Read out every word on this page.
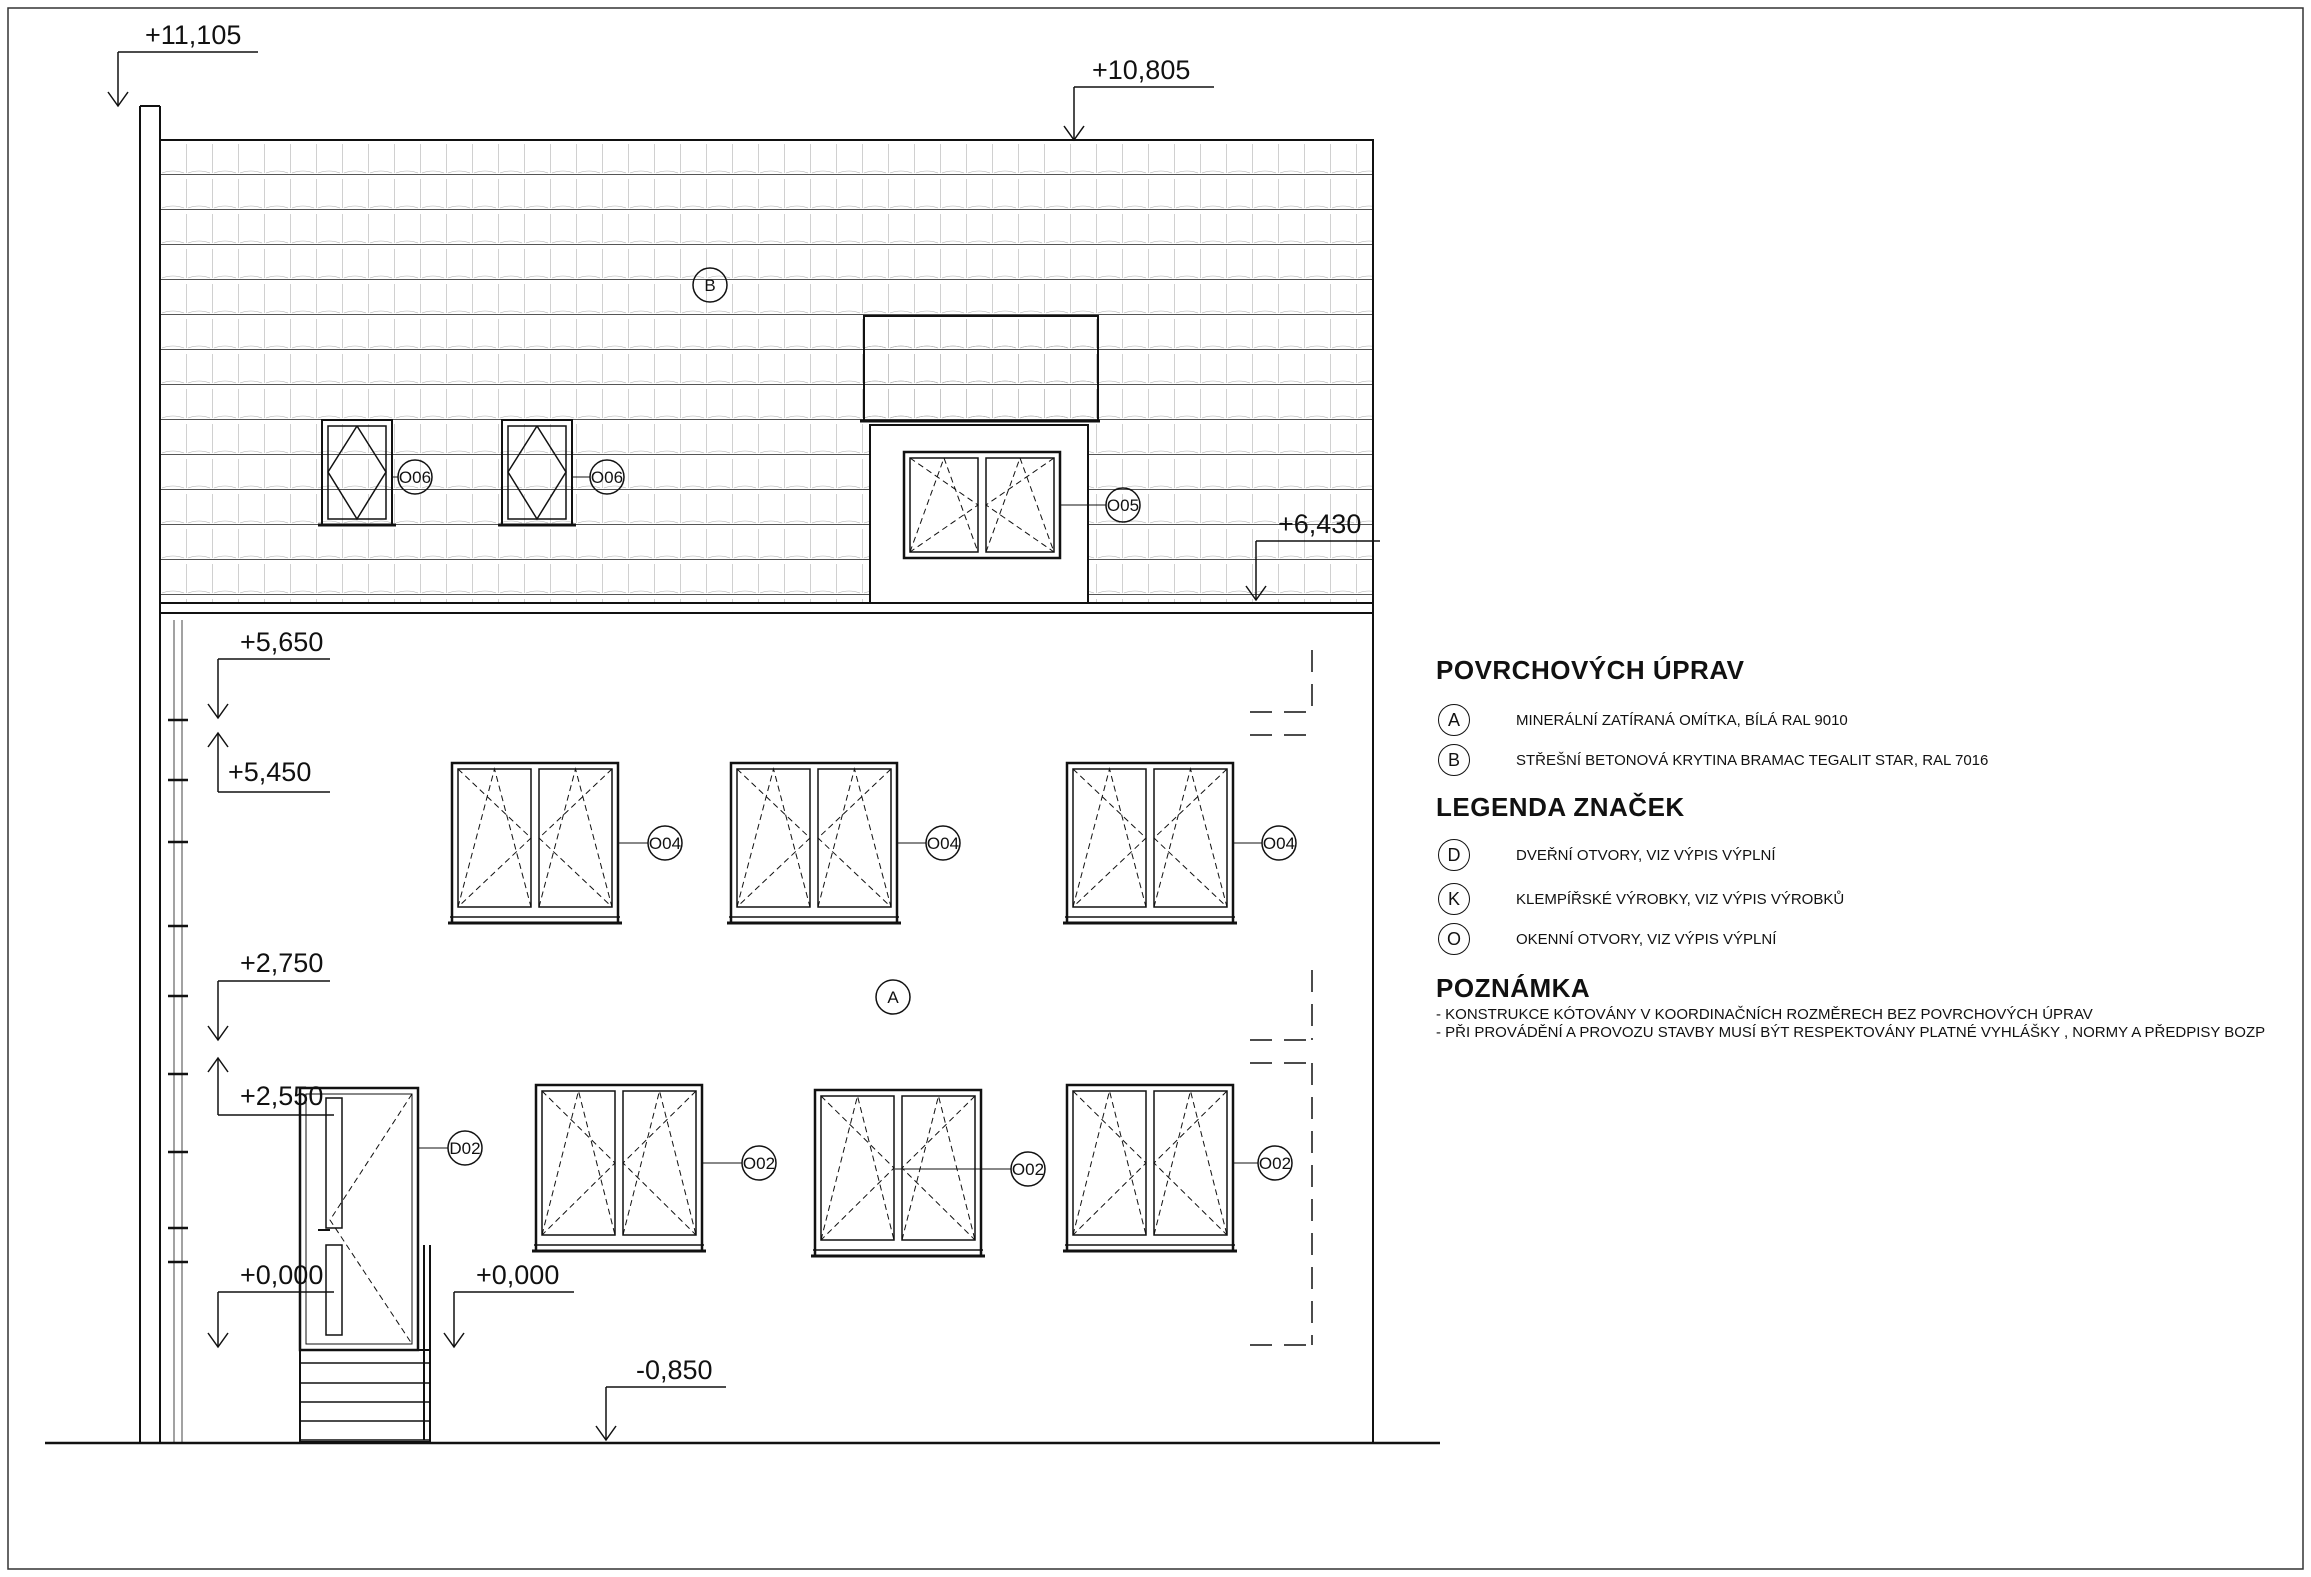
+11,105
+10,805
+6,430
+5,650
+5,450
+2,750
+2,550
+0,000	+0,000
-0,850
B
A
O06	O06
O05
O04	O04	O04
D02
O02	O02	O02
POVRCHOVÝCH ÚPRAV
A	MINERÁLNÍ ZATÍRANÁ OMÍTKA, BÍLÁ RAL 9010
B	STŘEŠNÍ BETONOVÁ KRYTINA BRAMAC TEGALIT STAR, RAL 7016
LEGENDA ZNAČEK
D	DVEŘNÍ OTVORY, VIZ VÝPIS VÝPLNÍ
K	KLEMPÍŘSKÉ VÝROBKY, VIZ VÝPIS VÝROBKŮ
O	OKENNÍ OTVORY, VIZ VÝPIS VÝPLNÍ
POZNÁMKA

- KONSTRUKCE KÓTOVÁNY V KOORDINAČNÍCH ROZMĚRECH BEZ POVRCHOVÝCH ÚPRAV

- PŘI PROVÁDĚNÍ A PROVOZU STAVBY MUSÍ BÝT RESPEKTOVÁNY PLATNÉ VYHLÁŠKY , NORMY A PŘEDPISY BOZP
